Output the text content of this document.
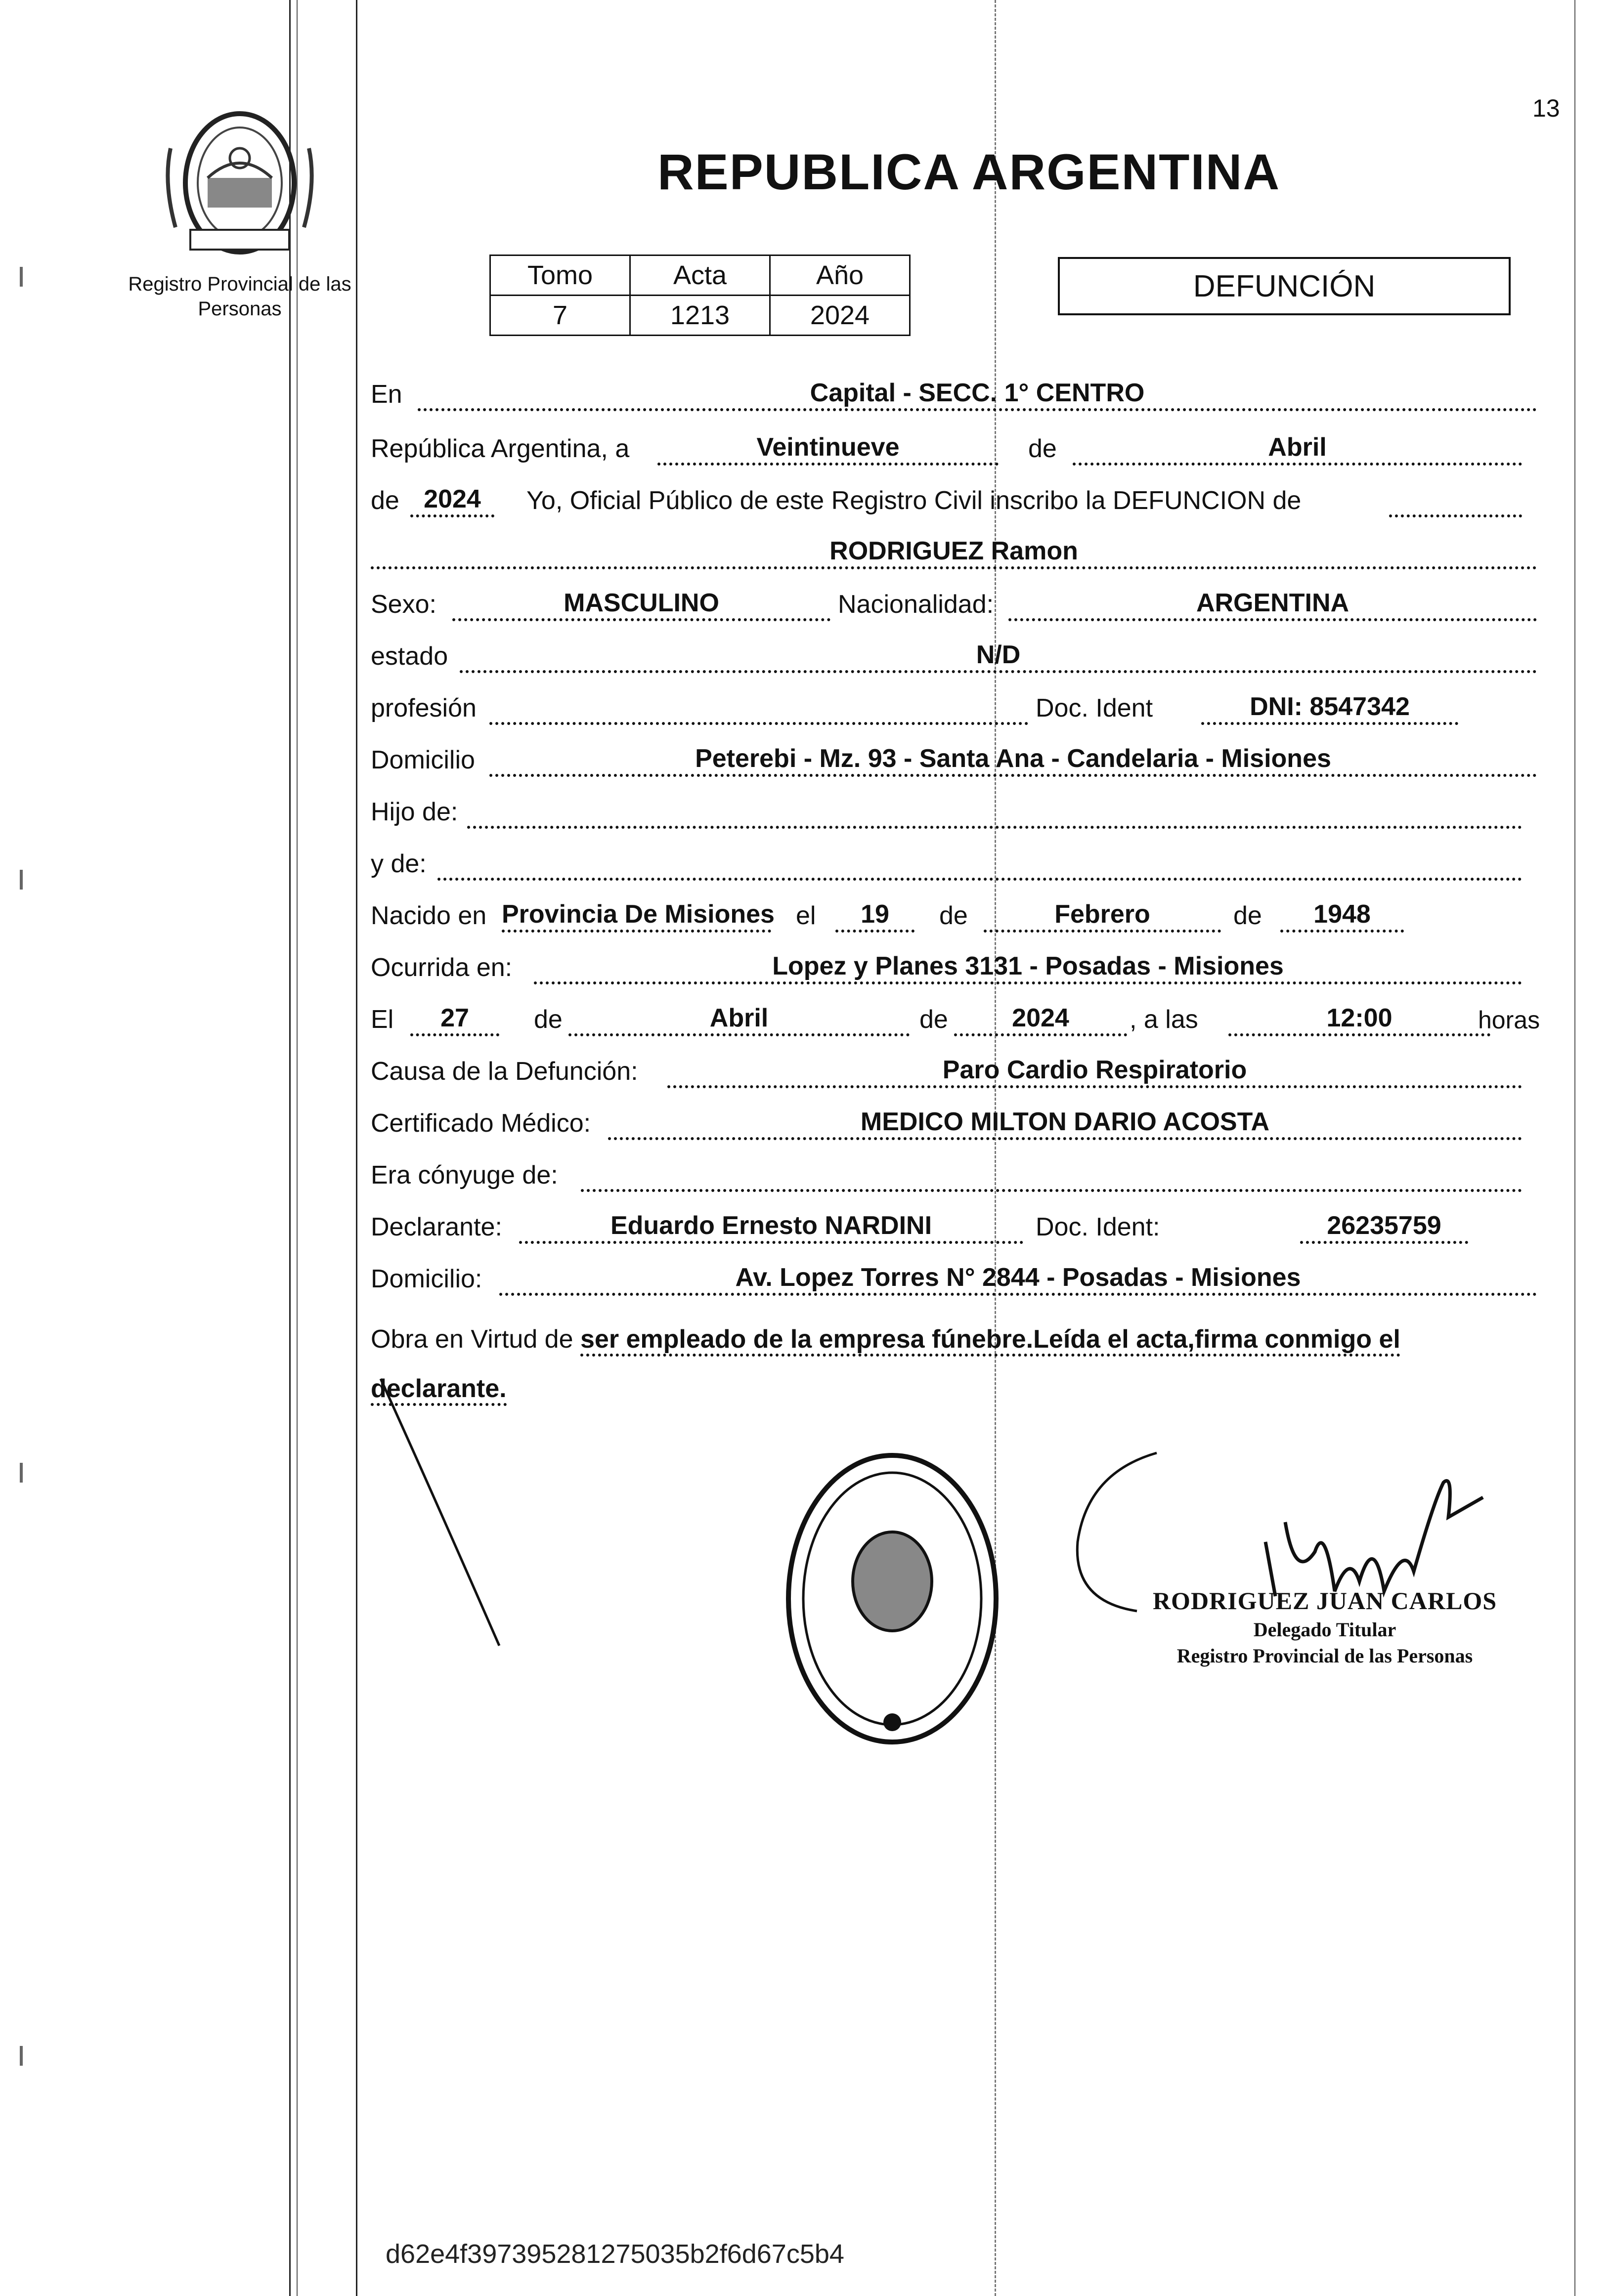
13
Registro Provincial de las Personas
REPUBLICA ARGENTINA
Tomo	Acta	Año
7	1213	2024
DEFUNCIÓN
En	Capital - SECC. 1° CENTRO
República Argentina, a	Veintinueve	de	Abril
de 2024	Yo, Oficial Público de este Registro Civil inscribo la DEFUNCION de
RODRIGUEZ Ramon
Sexo:	MASCULINO	Nacionalidad:	ARGENTINA
estado	N/D
profesión	Doc. Ident	DNI: 8547342
Domicilio	Peterebi - Mz. 93 - Santa Ana - Candelaria - Misiones
Hijo de:
y de:
Nacido en Provincia De Misiones el	19	de	Febrero	de	1948
Ocurrida en:	Lopez y Planes 3131 - Posadas - Misiones
El	27	de	Abril	de	2024	, a las	12:00	horas
Causa de la Defunción:	Paro Cardio Respiratorio
Certificado Médico:	MEDICO MILTON DARIO ACOSTA
Era cónyuge de:
Declarante:	Eduardo Ernesto NARDINI	Doc. Ident:	26235759
Domicilio:	Av. Lopez Torres N° 2844 - Posadas - Misiones
Obra en Virtud de ser empleado de la empresa fúnebre.Leída el acta,firma conmigo el declarante.
RODRIGUEZ JUAN CARLOS
Delegado Titular
Registro Provincial de las Personas
d62e4f397395281275035b2f6d67c5b4
